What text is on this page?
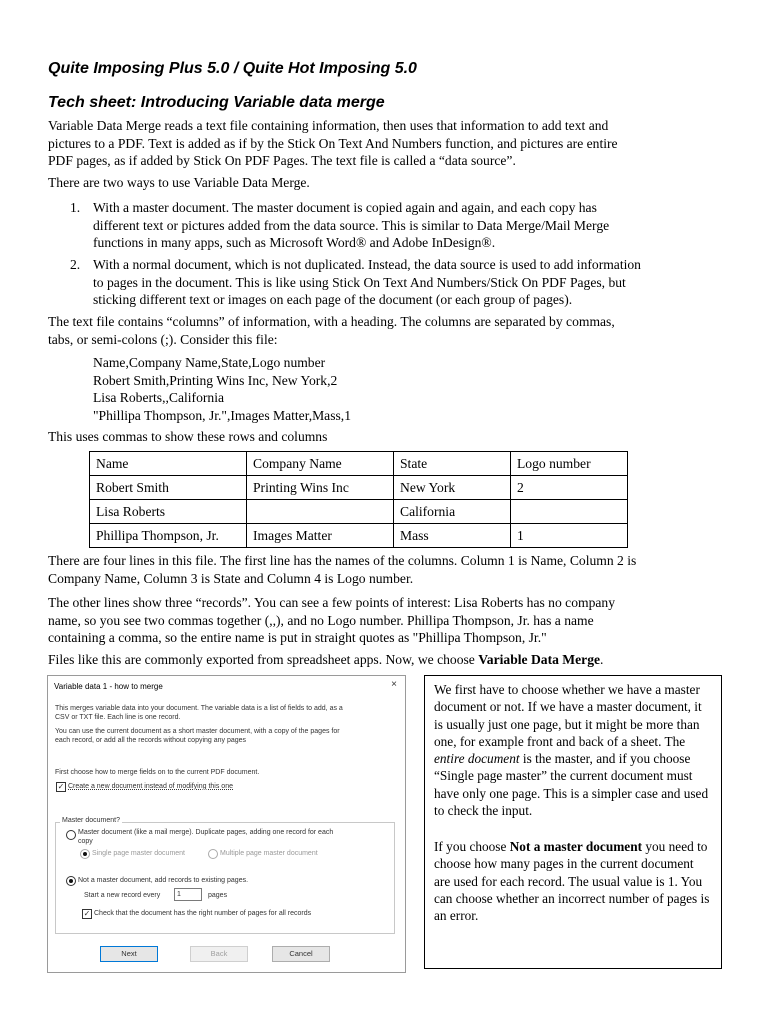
Quite Imposing Plus 5.0 / Quite Hot Imposing 5.0
Tech sheet: Introducing Variable data merge
Variable Data Merge reads a text file containing information, then uses that information to add text and
pictures to a PDF. Text is added as if by the Stick On Text And Numbers function, and pictures are entire
PDF pages, as if added by Stick On PDF Pages. The text file is called a “data source”.
There are two ways to use Variable Data Merge.
1. With a master document. The master document is copied again and again, and each copy has
different text or pictures added from the data source. This is similar to Data Merge/Mail Merge
functions in many apps, such as Microsoft Word® and Adobe InDesign®.
2. With a normal document, which is not duplicated. Instead, the data source is used to add information
to pages in the document. This is like using Stick On Text And Numbers/Stick On PDF Pages, but
sticking different text or images on each page of the document (or each group of pages).
The text file contains “columns” of information, with a heading. The columns are separated by commas,
tabs, or semi-colons (;). Consider this file:
Name,Company Name,State,Logo number
Robert Smith,Printing Wins Inc, New York,2
Lisa Roberts,,California
"Phillipa Thompson, Jr.",Images Matter,Mass,1
This uses commas to show these rows and columns
Name	Company Name	State	Logo number
Robert Smith	Printing Wins Inc	New York	2
Lisa Roberts		California	
Phillipa Thompson, Jr.	Images Matter	Mass	1
There are four lines in this file. The first line has the names of the columns. Column 1 is Name, Column 2 is
Company Name, Column 3 is State and Column 4 is Logo number.
The other lines show three “records”. You can see a few points of interest: Lisa Roberts has no company
name, so you see two commas together (,,), and no Logo number. Phillipa Thompson, Jr. has a name
containing a comma, so the entire name is put in straight quotes as "Phillipa Thompson, Jr."
Files like this are commonly exported from spreadsheet apps. Now, we choose Variable Data Merge.
Variable data 1 - how to merge	×
This merges variable data into your document. The variable data is a list of fields to add, as a
CSV or TXT file. Each line is one record.
You can use the current document as a short master document, with a copy of the pages for
each record, or add all the records without copying any pages
First choose how to merge fields on to the current PDF document.
✓ Create a new document instead of modifying this one
Master document?
Master document (like a mail merge). Duplicate pages, adding one record for each
copy
Single page master document	Multiple page master document
Not a master document, add records to existing pages.
Start a new record every	1	pages
✓ Check that the document has the right number of pages for all records
Next	Back	Cancel

We first have to choose whether we have a master document or not. If we have a master document, it is usually just one page, but it might be more than one, for example front and back of a sheet. The entire document is the master, and if you choose “Single page master” the current document must have only one page. This is a simpler case and used to check the input.

If you choose Not a master document you need to choose how many pages in the current document are used for each record. The usual value is 1. You can choose whether an incorrect number of pages is an error.
